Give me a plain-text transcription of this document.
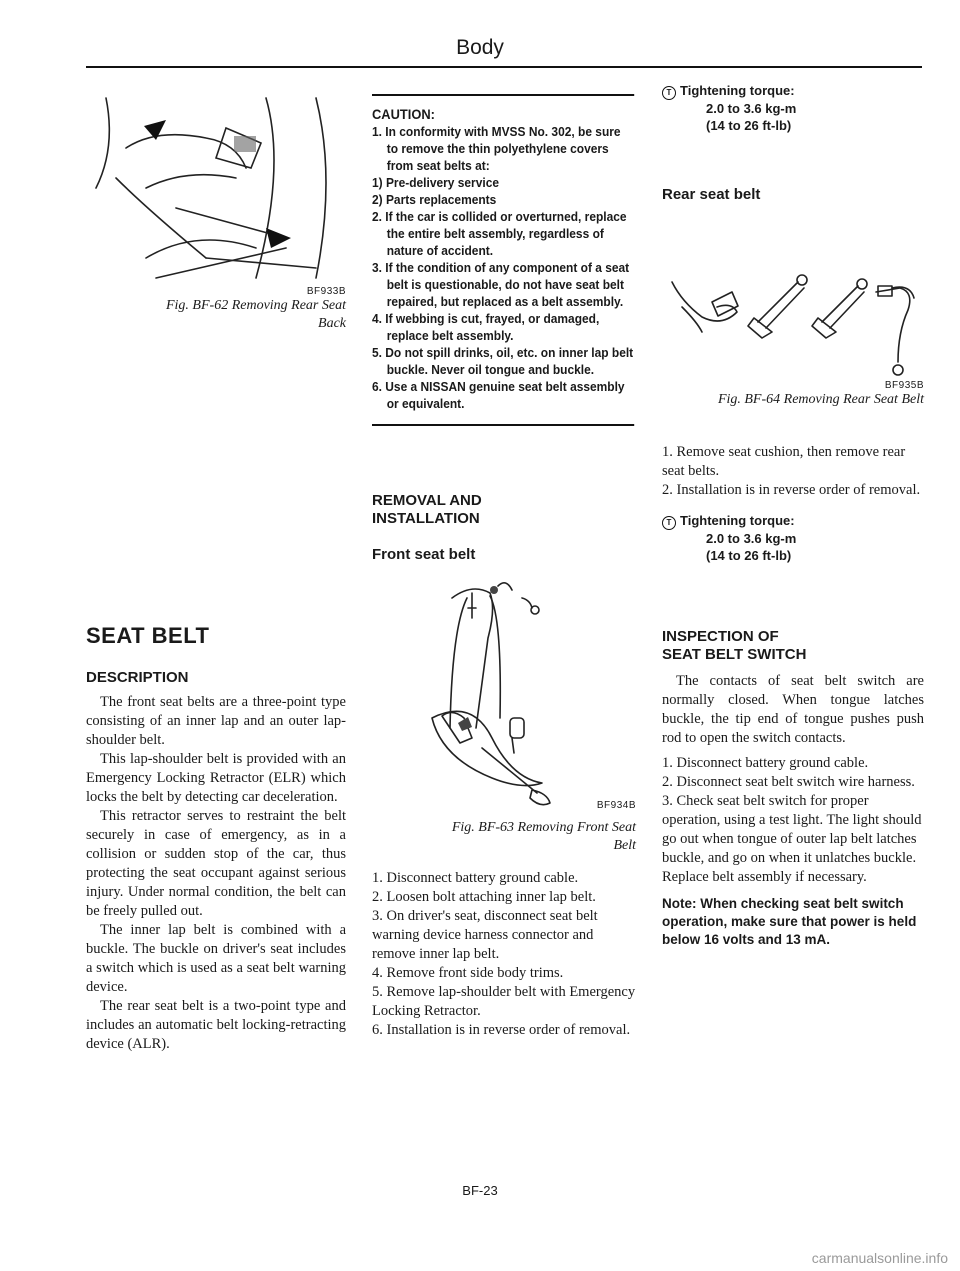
Body
BF933B
Fig. BF-62 Removing Rear Seat
Back
SEAT BELT
DESCRIPTION

The front seat belts are a three-point type consisting of an inner lap and an outer lap-shoulder belt.

This lap-shoulder belt is provided with an Emergency Locking Retractor (ELR) which locks the belt by detecting car deceleration.

This retractor serves to restraint the belt securely in case of emergency, as in a collision or sudden stop of the car, thus protecting the seat occupant against serious injury. Under normal condition, the belt can be freely pulled out.

The inner lap belt is combined with a buckle. The buckle on driver's seat includes a switch which is used as a seat belt warning device.

The rear seat belt is a two-point type and includes an automatic belt locking-retracting device (ALR).

CAUTION:
1. In conformity with MVSS No. 302, be sure to remove the thin polyethylene covers from seat belts at:
1) Pre-delivery service
2) Parts replacements
2. If the car is collided or overturned, replace the entire belt assembly, regardless of nature of accident.
3. If the condition of any component of a seat belt is questionable, do not have seat belt repaired, but replaced as a belt assembly.
4. If webbing is cut, frayed, or damaged, replace belt assembly.
5. Do not spill drinks, oil, etc. on inner lap belt buckle. Never oil tongue and buckle.
6. Use a NISSAN genuine seat belt assembly or equivalent.
REMOVAL AND
INSTALLATION
Front seat belt
BF934B
Fig. BF-63 Removing Front Seat
Belt
1. Disconnect battery ground cable.
2. Loosen bolt attaching inner lap belt.
3. On driver's seat, disconnect seat belt warning device harness connector and remove inner lap belt.
4. Remove front side body trims.
5. Remove lap-shoulder belt with Emergency Locking Retractor.
6. Installation is in reverse order of removal.
T Tightening torque:
2.0 to 3.6 kg-m
(14 to 26 ft-lb)
Rear seat belt
BF935B
Fig. BF-64 Removing Rear Seat Belt
1. Remove seat cushion, then remove rear seat belts.
2. Installation is in reverse order of removal.
T Tightening torque:
2.0 to 3.6 kg-m
(14 to 26 ft-lb)
INSPECTION OF
SEAT BELT SWITCH

The contacts of seat belt switch are normally closed. When tongue latches buckle, the tip end of tongue pushes push rod to open the switch contacts.

1. Disconnect battery ground cable.
2. Disconnect seat belt switch wire harness.
3. Check seat belt switch for proper operation, using a test light. The light should go out when tongue of outer lap belt latches buckle, and go on when it unlatches buckle. Replace belt assembly if necessary.
Note: When checking seat belt switch operation, make sure that power is held below 16 volts and 13 mA.
BF-23
carmanualsonline.info
